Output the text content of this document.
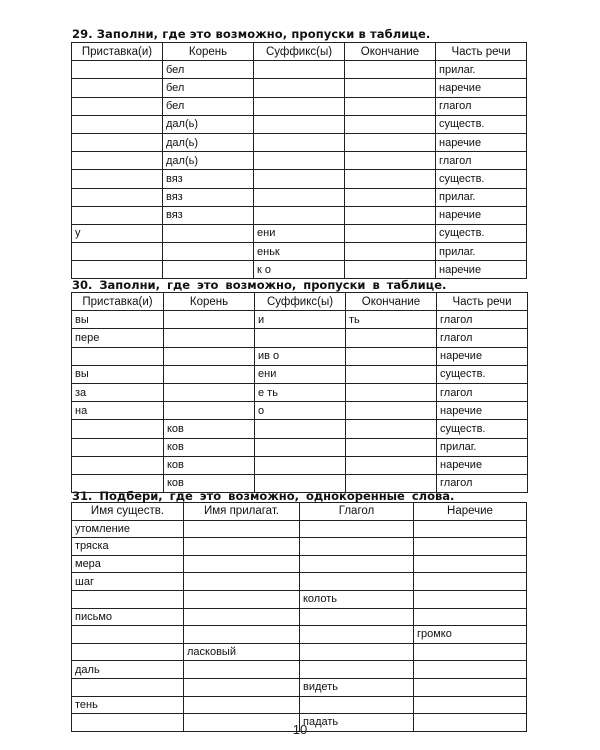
29. Заполни, где это возможно, пропуски в таблице.
Приставка(и)	Корень	Суффикс(ы)	Окончание	Часть речи
	бел			прилаг.
	бел			наречие
	бел			глагол
	дал(ь)			существ.
	дал(ь)			наречие
	дал(ь)			глагол
	вяз			существ.
	вяз			прилаг.
	вяз			наречие
у		ени		существ.
		еньк		прилаг.
		к о		наречие
30. Заполни, где это возможно, пропуски в таблице.
Приставка(и)	Корень	Суффикс(ы)	Окончание	Часть речи
вы		и	ть	глагол
пере				глагол
		ив о		наречие
вы		ени		существ.
за		е ть		глагол
на		о		наречие
	ков			существ.
	ков			прилаг.
	ков			наречие
	ков			глагол
31. Подбери, где это возможно, однокоренные слова.
Имя существ.	Имя прилагат.	Глагол	Наречие
утомление			
тряска			
мера			
шаг			
		колоть	
письмо			
			громко
	ласковый		
даль			
		видеть	
тень			
		падать	
10
